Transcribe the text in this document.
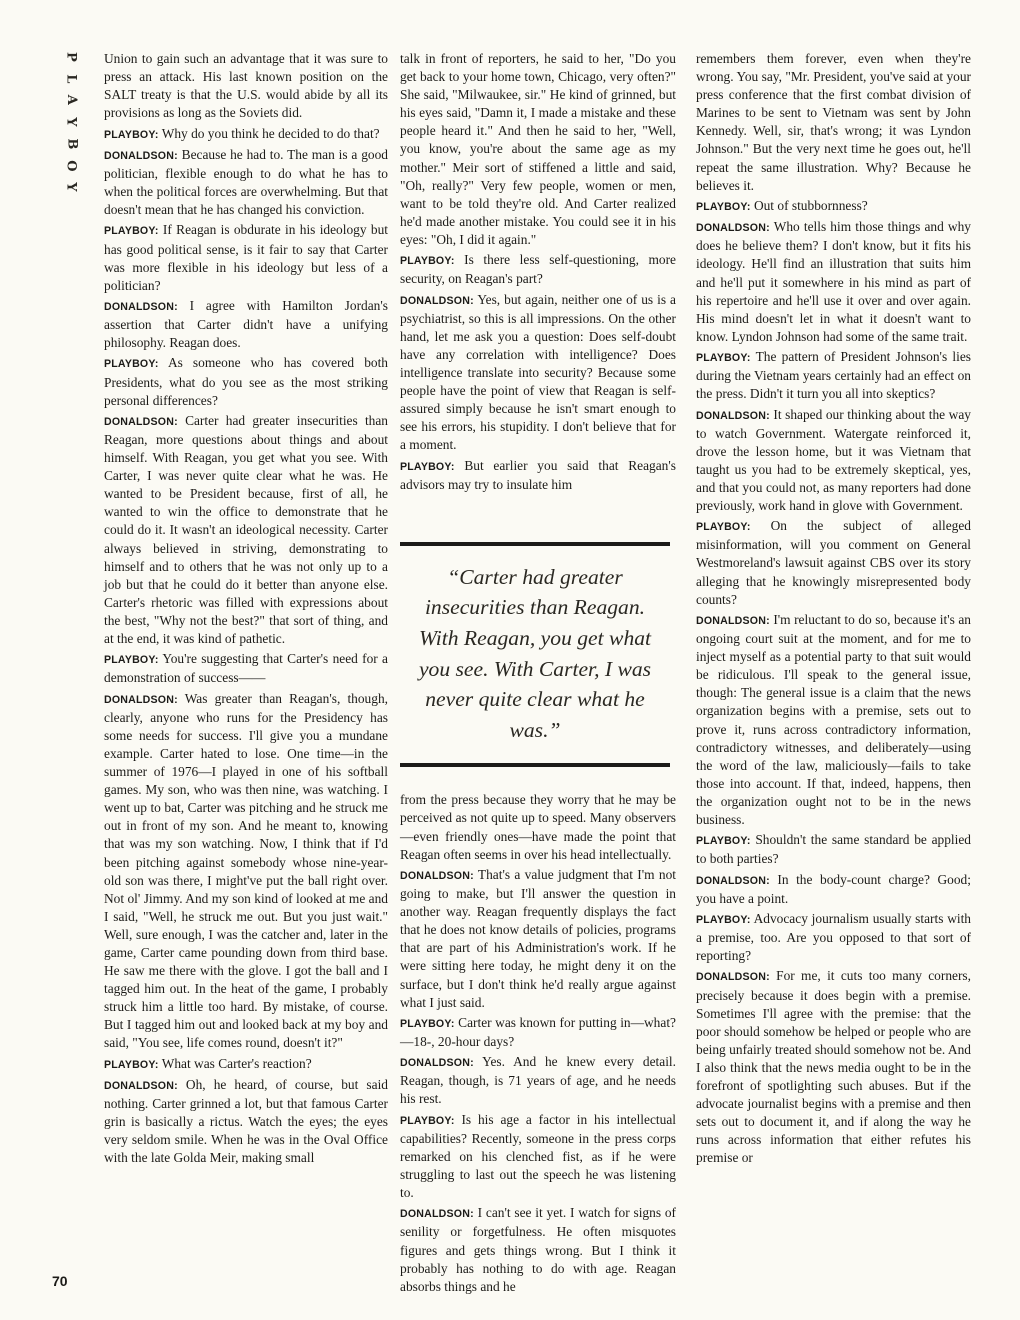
P
L
A
Y
B
O
Y
70

Union to gain such an advantage that it was sure to press an attack. His last known position on the SALT treaty is that the U.S. would abide by all its provisions as long as the Soviets did.

PLAYBOY: Why do you think he decided to do that?

DONALDSON: Because he had to. The man is a good politician, flexible enough to do what he has to when the political forces are overwhelming. But that doesn't mean that he has changed his conviction.

PLAYBOY: If Reagan is obdurate in his ideology but has good political sense, is it fair to say that Carter was more flexible in his ideology but less of a politician?

DONALDSON: I agree with Hamilton Jordan's assertion that Carter didn't have a unifying philosophy. Reagan does.

PLAYBOY: As someone who has covered both Presidents, what do you see as the most striking personal differences?

DONALDSON: Carter had greater insecurities than Reagan, more questions about things and about himself. With Reagan, you get what you see. With Carter, I was never quite clear what he was. He wanted to be President because, first of all, he wanted to win the office to demonstrate that he could do it. It wasn't an ideological necessity. Carter always believed in striving, demonstrating to himself and to others that he was not only up to a job but that he could do it better than anyone else. Carter's rhetoric was filled with expressions about the best, "Why not the best?" that sort of thing, and at the end, it was kind of pathetic.

PLAYBOY: You're suggesting that Carter's need for a demonstration of success——

DONALDSON: Was greater than Reagan's, though, clearly, anyone who runs for the Presidency has some needs for success. I'll give you a mundane example. Carter hated to lose. One time—in the summer of 1976—I played in one of his softball games. My son, who was then nine, was watching. I went up to bat, Carter was pitching and he struck me out in front of my son. And he meant to, knowing that was my son watching. Now, I think that if I'd been pitching against somebody whose nine-year-old son was there, I might've put the ball right over. Not ol' Jimmy. And my son kind of looked at me and I said, "Well, he struck me out. But you just wait." Well, sure enough, I was the catcher and, later in the game, Carter came pounding down from third base. He saw me there with the glove. I got the ball and I tagged him out. In the heat of the game, I probably struck him a little too hard. By mistake, of course. But I tagged him out and looked back at my boy and said, "You see, life comes round, doesn't it?"

PLAYBOY: What was Carter's reaction?

DONALDSON: Oh, he heard, of course, but said nothing. Carter grinned a lot, but that famous Carter grin is basically a rictus. Watch the eyes; the eyes very seldom smile. When he was in the Oval Office with the late Golda Meir, making small

talk in front of reporters, he said to her, "Do you get back to your home town, Chicago, very often?" She said, "Milwaukee, sir." He kind of grinned, but his eyes said, "Damn it, I made a mistake and these people heard it." And then he said to her, "Well, you know, you're about the same age as my mother." Meir sort of stiffened a little and said, "Oh, really?" Very few people, women or men, want to be told they're old. And Carter realized he'd made another mistake. You could see it in his eyes: "Oh, I did it again."

PLAYBOY: Is there less self-questioning, more security, on Reagan's part?

DONALDSON: Yes, but again, neither one of us is a psychiatrist, so this is all impressions. On the other hand, let me ask you a question: Does self-doubt have any correlation with intelligence? Does intelligence translate into security? Because some people have the point of view that Reagan is self-assured simply because he isn't smart enough to see his errors, his stupidity. I don't believe that for a moment.

PLAYBOY: But earlier you said that Reagan's advisors may try to insulate him

“Carter had greater insecurities than Reagan. With Reagan, you get what you see. With Carter, I was never quite clear what he was.”

from the press because they worry that he may be perceived as not quite up to speed. Many observers—even friendly ones—have made the point that Reagan often seems in over his head intellectually.

DONALDSON: That's a value judgment that I'm not going to make, but I'll answer the question in another way. Reagan frequently displays the fact that he does not know details of policies, programs that are part of his Administration's work. If he were sitting here today, he might deny it on the surface, but I don't think he'd really argue against what I just said.

PLAYBOY: Carter was known for putting in—what?—18-, 20-hour days?

DONALDSON: Yes. And he knew every detail. Reagan, though, is 71 years of age, and he needs his rest.

PLAYBOY: Is his age a factor in his intellectual capabilities? Recently, someone in the press corps remarked on his clenched fist, as if he were struggling to last out the speech he was listening to.

DONALDSON: I can't see it yet. I watch for signs of senility or forgetfulness. He often misquotes figures and gets things wrong. But I think it probably has nothing to do with age. Reagan absorbs things and he

remembers them forever, even when they're wrong. You say, "Mr. President, you've said at your press conference that the first combat division of Marines to be sent to Vietnam was sent by John Kennedy. Well, sir, that's wrong; it was Lyndon Johnson." But the very next time he goes out, he'll repeat the same illustration. Why? Because he believes it.

PLAYBOY: Out of stubbornness?

DONALDSON: Who tells him those things and why does he believe them? I don't know, but it fits his ideology. He'll find an illustration that suits him and he'll put it somewhere in his mind as part of his repertoire and he'll use it over and over again. His mind doesn't let in what it doesn't want to know. Lyndon Johnson had some of the same trait.

PLAYBOY: The pattern of President Johnson's lies during the Vietnam years certainly had an effect on the press. Didn't it turn you all into skeptics?

DONALDSON: It shaped our thinking about the way to watch Government. Watergate reinforced it, drove the lesson home, but it was Vietnam that taught us you had to be extremely skeptical, yes, and that you could not, as many reporters had done previously, work hand in glove with Government.

PLAYBOY: On the subject of alleged misinformation, will you comment on General Westmoreland's lawsuit against CBS over its story alleging that he knowingly misrepresented body counts?

DONALDSON: I'm reluctant to do so, because it's an ongoing court suit at the moment, and for me to inject myself as a potential party to that suit would be ridiculous. I'll speak to the general issue, though: The general issue is a claim that the news organization begins with a premise, sets out to prove it, runs across contradictory information, contradictory witnesses, and deliberately—using the word of the law, maliciously—fails to take those into account. If that, indeed, happens, then the organization ought not to be in the news business.

PLAYBOY: Shouldn't the same standard be applied to both parties?

DONALDSON: In the body-count charge? Good; you have a point.

PLAYBOY: Advocacy journalism usually starts with a premise, too. Are you opposed to that sort of reporting?

DONALDSON: For me, it cuts too many corners, precisely because it does begin with a premise. Sometimes I'll agree with the premise: that the poor should somehow be helped or people who are being unfairly treated should somehow not be. And I also think that the news media ought to be in the forefront of spotlighting such abuses. But if the advocate journalist begins with a premise and then sets out to document it, and if along the way he runs across information that either refutes his premise or
